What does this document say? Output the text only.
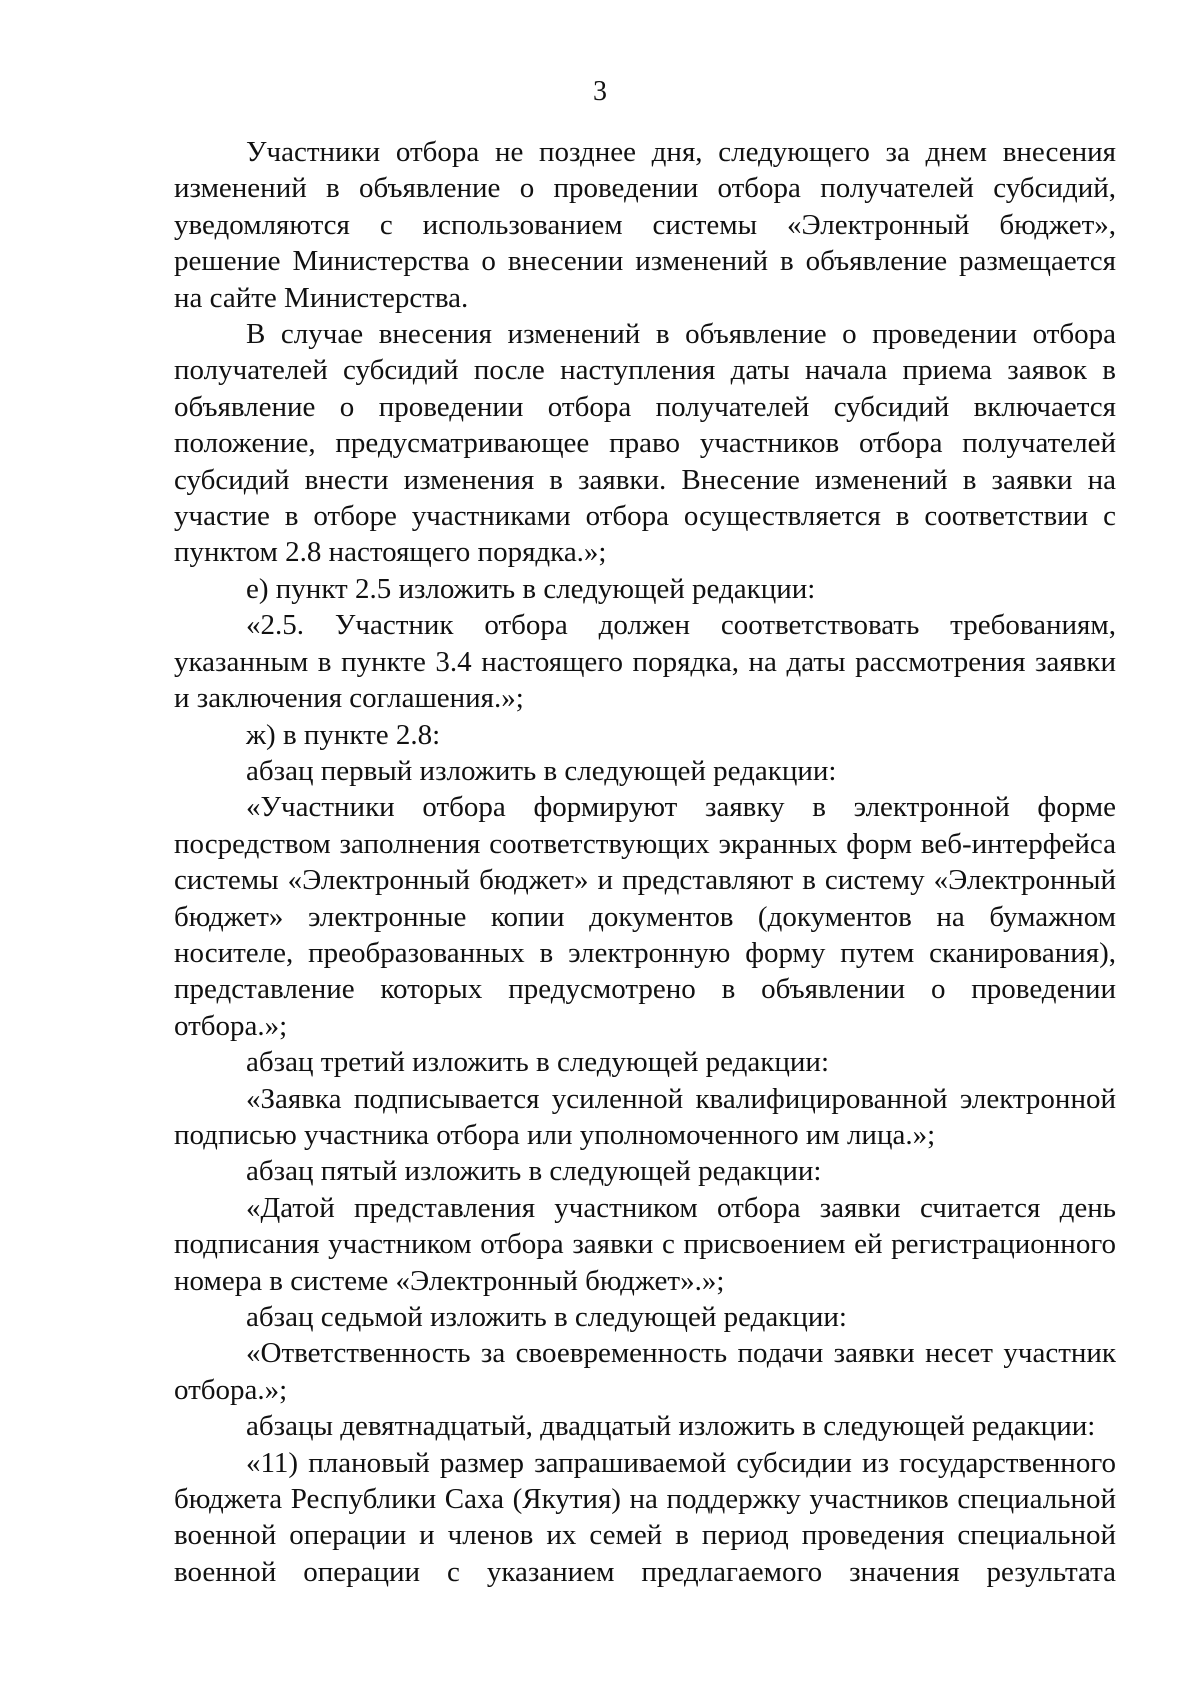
3

Участники отбора не позднее дня, следующего за днем внесения изменений в объявление о проведении отбора получателей субсидий, уведомляются с использованием системы «Электронный бюджет», решение Министерства о внесении изменений в объявление размещается на сайте Министерства.

В случае внесения изменений в объявление о проведении отбора получателей субсидий после наступления даты начала приема заявок в объявление о проведении отбора получателей субсидий включается положение, предусматривающее право участников отбора получателей субсидий внести изменения в заявки. Внесение изменений в заявки на участие в отборе участниками отбора осуществляется в соответствии с пунктом 2.8 настоящего порядка.»;

е) пункт 2.5 изложить в следующей редакции:

«2.5. Участник отбора должен соответствовать требованиям, указанным в пункте 3.4 настоящего порядка, на даты рассмотрения заявки и заключения соглашения.»;

ж) в пункте 2.8:

абзац первый изложить в следующей редакции:

«Участники отбора формируют заявку в электронной форме посредством заполнения соответствующих экранных форм веб-интерфейса системы «Электронный бюджет» и представляют в систему «Электронный бюджет» электронные копии документов (документов на бумажном носителе, преобразованных в электронную форму путем сканирования), представление которых предусмотрено в объявлении о проведении отбора.»;

абзац третий изложить в следующей редакции:

«Заявка подписывается усиленной квалифицированной электронной подписью участника отбора или уполномоченного им лица.»;

абзац пятый изложить в следующей редакции:

«Датой представления участником отбора заявки считается день подписания участником отбора заявки с присвоением ей регистрационного номера в системе «Электронный бюджет».»;

абзац седьмой изложить в следующей редакции:

«Ответственность за своевременность подачи заявки несет участник отбора.»;

абзацы девятнадцатый, двадцатый изложить в следующей редакции:

«11) плановый размер запрашиваемой субсидии из государственного бюджета Республики Саха (Якутия) на поддержку участников специальной военной операции и членов их семей в период проведения специальной военной операции с указанием предлагаемого значения результата
